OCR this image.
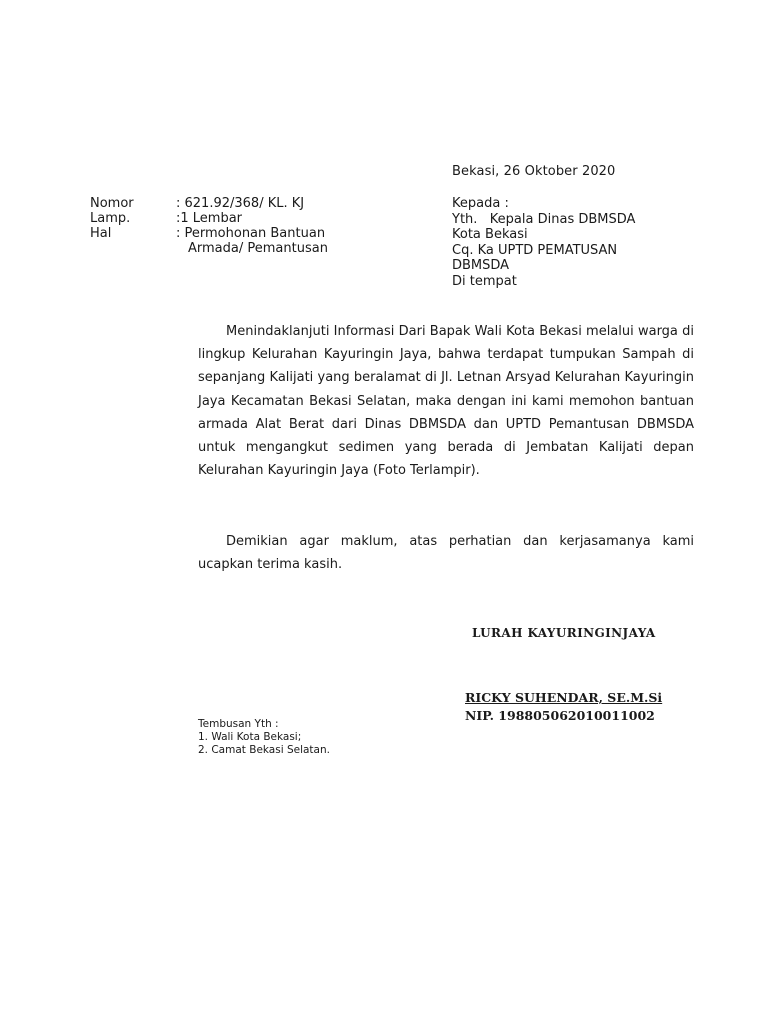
Bekasi, 26 Oktober 2020
Nomor	: 621.92/368/ KL. KJ
Lamp.	:1 Lembar
Hal	: Permohonan Bantuan
Armada/ Pemantusan
Kepada :
Yth.   Kepala Dinas DBMSDA
Kota Bekasi
Cq. Ka UPTD PEMATUSAN
DBMSDA
Di tempat
Menindaklanjuti Informasi Dari Bapak Wali Kota Bekasi melalui warga di lingkup Kelurahan Kayuringin Jaya, bahwa terdapat tumpukan Sampah di sepanjang Kalijati yang beralamat di Jl. Letnan Arsyad Kelurahan Kayuringin Jaya Kecamatan Bekasi Selatan, maka dengan ini kami memohon bantuan armada Alat Berat dari Dinas DBMSDA dan UPTD Pemantusan DBMSDA untuk mengangkut sedimen yang berada di Jembatan Kalijati depan Kelurahan Kayuringin Jaya (Foto Terlampir).
Demikian agar maklum, atas perhatian dan kerjasamanya kami ucapkan terima kasih.
LURAH KAYURINGINJAYA
RICKY SUHENDAR, SE.M.Si
NIP. 198805062010011002
Tembusan Yth :
1. Wali Kota Bekasi;
2. Camat Bekasi Selatan.
